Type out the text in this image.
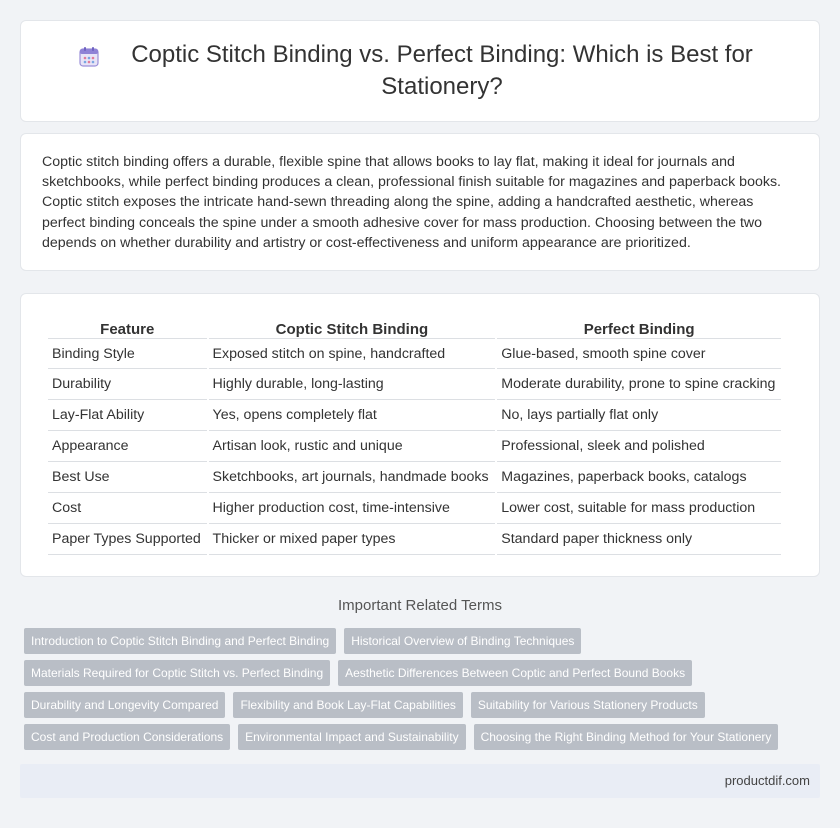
Coptic Stitch Binding vs. Perfect Binding: Which is Best for Stationery?

Coptic stitch binding offers a durable, flexible spine that allows books to lay flat, making it ideal for journals and sketchbooks, while perfect binding produces a clean, professional finish suitable for magazines and paperback books. Coptic stitch exposes the intricate hand-sewn threading along the spine, adding a handcrafted aesthetic, whereas perfect binding conceals the spine under a smooth adhesive cover for mass production. Choosing between the two depends on whether durability and artistry or cost-effectiveness and uniform appearance are prioritized.

Feature	Coptic Stitch Binding	Perfect Binding
Binding Style	Exposed stitch on spine, handcrafted	Glue-based, smooth spine cover
Durability	Highly durable, long-lasting	Moderate durability, prone to spine cracking
Lay-Flat Ability	Yes, opens completely flat	No, lays partially flat only
Appearance	Artisan look, rustic and unique	Professional, sleek and polished
Best Use	Sketchbooks, art journals, handmade books	Magazines, paperback books, catalogs
Cost	Higher production cost, time-intensive	Lower cost, suitable for mass production
Paper Types Supported	Thicker or mixed paper types	Standard paper thickness only
Important Related Terms
Introduction to Coptic Stitch Binding and Perfect Binding	Historical Overview of Binding Techniques
Materials Required for Coptic Stitch vs. Perfect Binding	Aesthetic Differences Between Coptic and Perfect Bound Books
Durability and Longevity Compared	Flexibility and Book Lay-Flat Capabilities	Suitability for Various Stationery Products
Cost and Production Considerations	Environmental Impact and Sustainability	Choosing the Right Binding Method for Your Stationery
productdif.com
